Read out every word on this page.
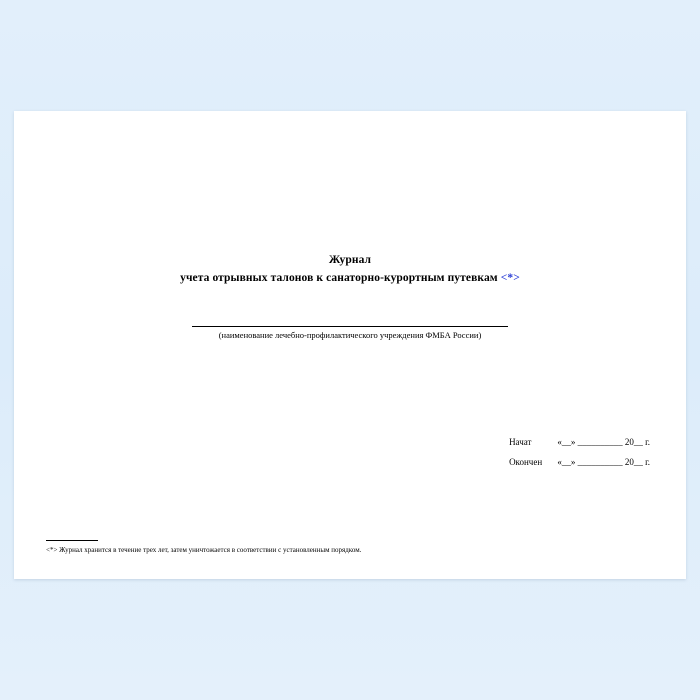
Журнал
учета отрывных талонов к санаторно-курортным путевкам <*>
(наименование лечебно-профилактического учреждения ФМБА России)
Начат	«__» __________ 20__ г.
Окончен «__» __________ 20__ г.
<*> Журнал хранится в течение трех лет, затем уничтожается в соответствии с установленным порядком.
